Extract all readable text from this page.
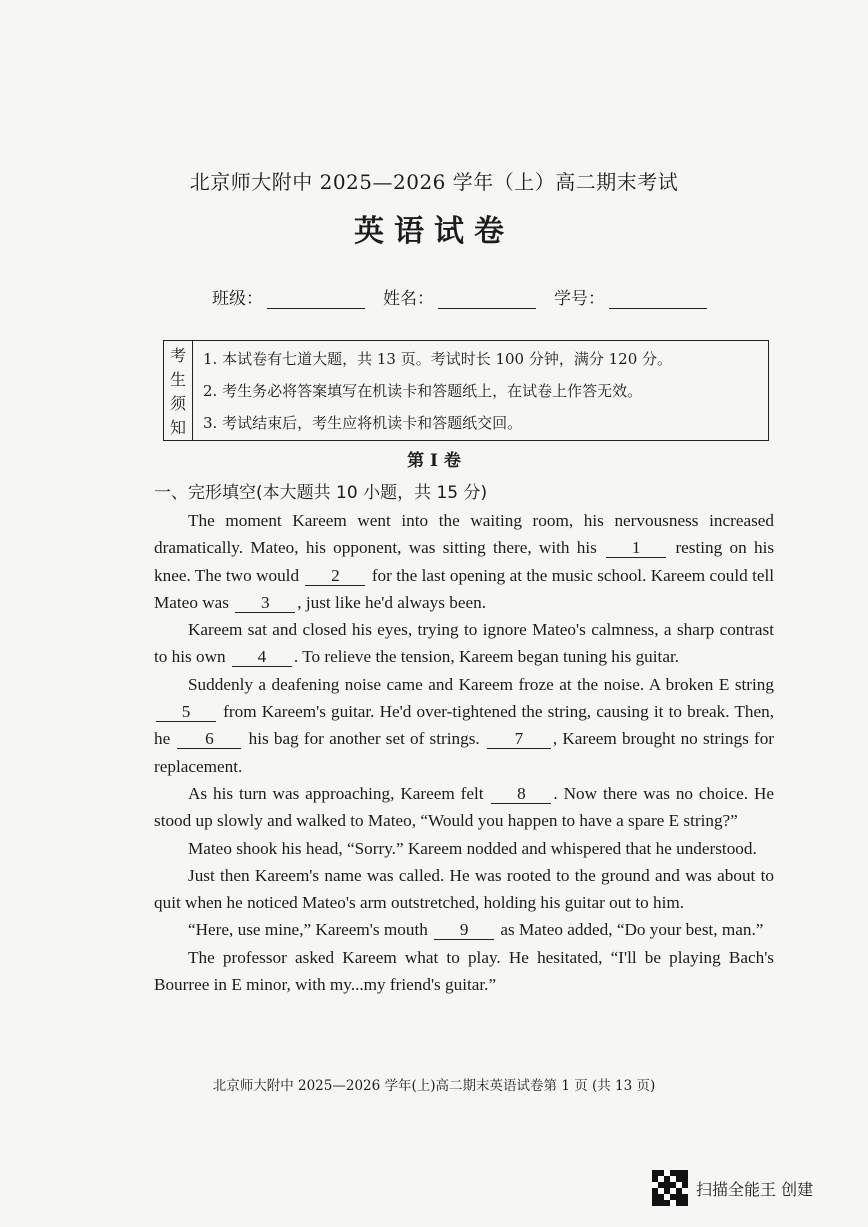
北京师大附中 2025—2026 学年（上）高二期末考试
英语试卷
班级：	姓名：	学号：
考
生
须
知
1. 本试卷有七道大题，共 13 页。考试时长 100 分钟，满分 120 分。
2. 考生务必将答案填写在机读卡和答题纸上，在试卷上作答无效。
3. 考试结束后，考生应将机读卡和答题纸交回。
第 I 卷
一、完形填空(本大题共 10 小题，共 15 分)

The moment Kareem went into the waiting room, his nervousness increased dramatically. Mateo, his opponent, was sitting there, with his 1 resting on his knee. The two would 2 for the last opening at the music school. Kareem could tell Mateo was 3 , just like he'd always been.

Kareem sat and closed his eyes, trying to ignore Mateo's calmness, a sharp contrast to his own 4 . To relieve the tension, Kareem began tuning his guitar.

Suddenly a deafening noise came and Kareem froze at the noise. A broken E string 5 from Kareem's guitar. He'd over-tightened the string, causing it to break. Then, he 6 his bag for another set of strings. 7 , Kareem brought no strings for replacement.

As his turn was approaching, Kareem felt 8 . Now there was no choice. He stood up slowly and walked to Mateo, “Would you happen to have a spare E string?”

Mateo shook his head, “Sorry.” Kareem nodded and whispered that he understood.

Just then Kareem's name was called. He was rooted to the ground and was about to quit when he noticed Mateo's arm outstretched, holding his guitar out to him.

“Here, use mine,” Kareem's mouth 9 as Mateo added, “Do your best, man.”

The professor asked Kareem what to play. He hesitated, “I'll be playing Bach's Bourree in E minor, with my...my friend's guitar.”

北京师大附中 2025—2026 学年(上)高二期末英语试卷第 1 页 (共 13 页)
扫描全能王 创建
